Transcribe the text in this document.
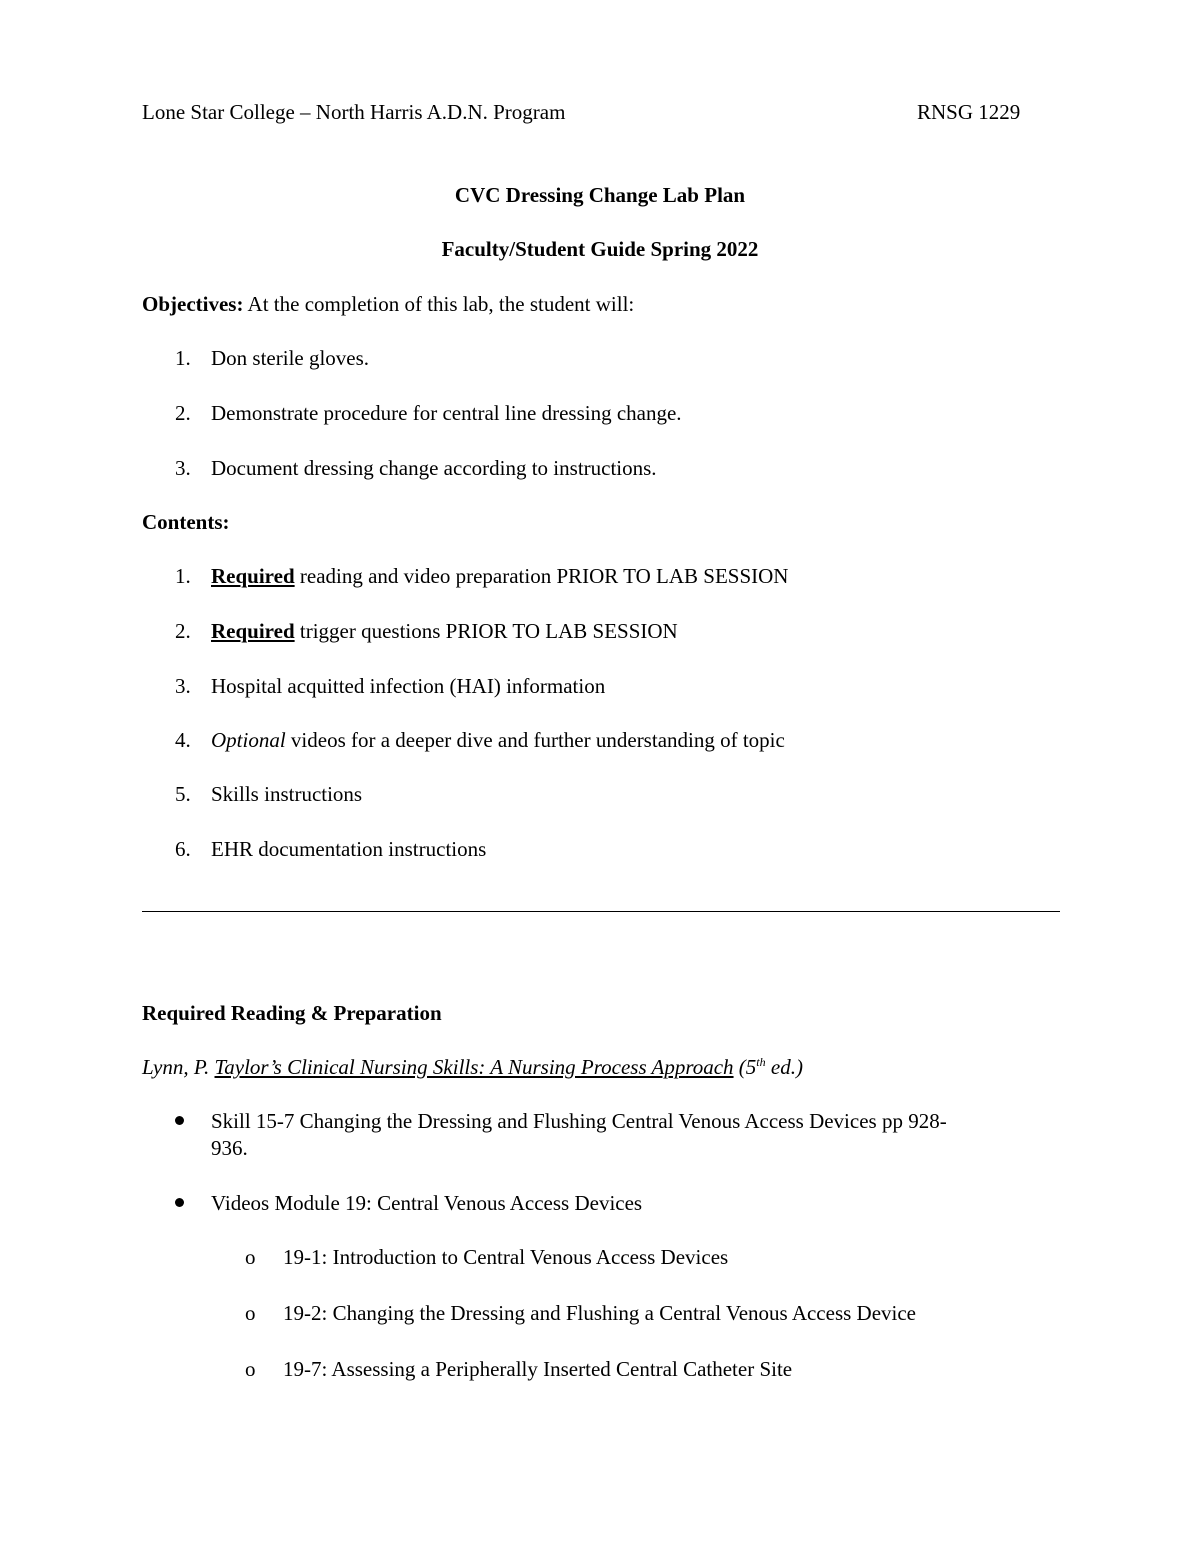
Lone Star College – North Harris A.D.N. Program	RNSG 1229
CVC Dressing Change Lab Plan
Faculty/Student Guide Spring 2022
Objectives: At the completion of this lab, the student will:
1. Don sterile gloves.
2. Demonstrate procedure for central line dressing change.
3. Document dressing change according to instructions.
Contents:
1. Required reading and video preparation PRIOR TO LAB SESSION
2. Required trigger questions PRIOR TO LAB SESSION
3. Hospital acquitted infection (HAI) information
4. Optional videos for a deeper dive and further understanding of topic
5. Skills instructions
6. EHR documentation instructions
Required Reading & Preparation
Lynn, P. Taylor’s Clinical Nursing Skills: A Nursing Process Approach (5th ed.)
Skill 15-7 Changing the Dressing and Flushing Central Venous Access Devices pp 928-
936.
Videos Module 19: Central Venous Access Devices
o 19-1: Introduction to Central Venous Access Devices
o 19-2: Changing the Dressing and Flushing a Central Venous Access Device
o 19-7: Assessing a Peripherally Inserted Central Catheter Site
